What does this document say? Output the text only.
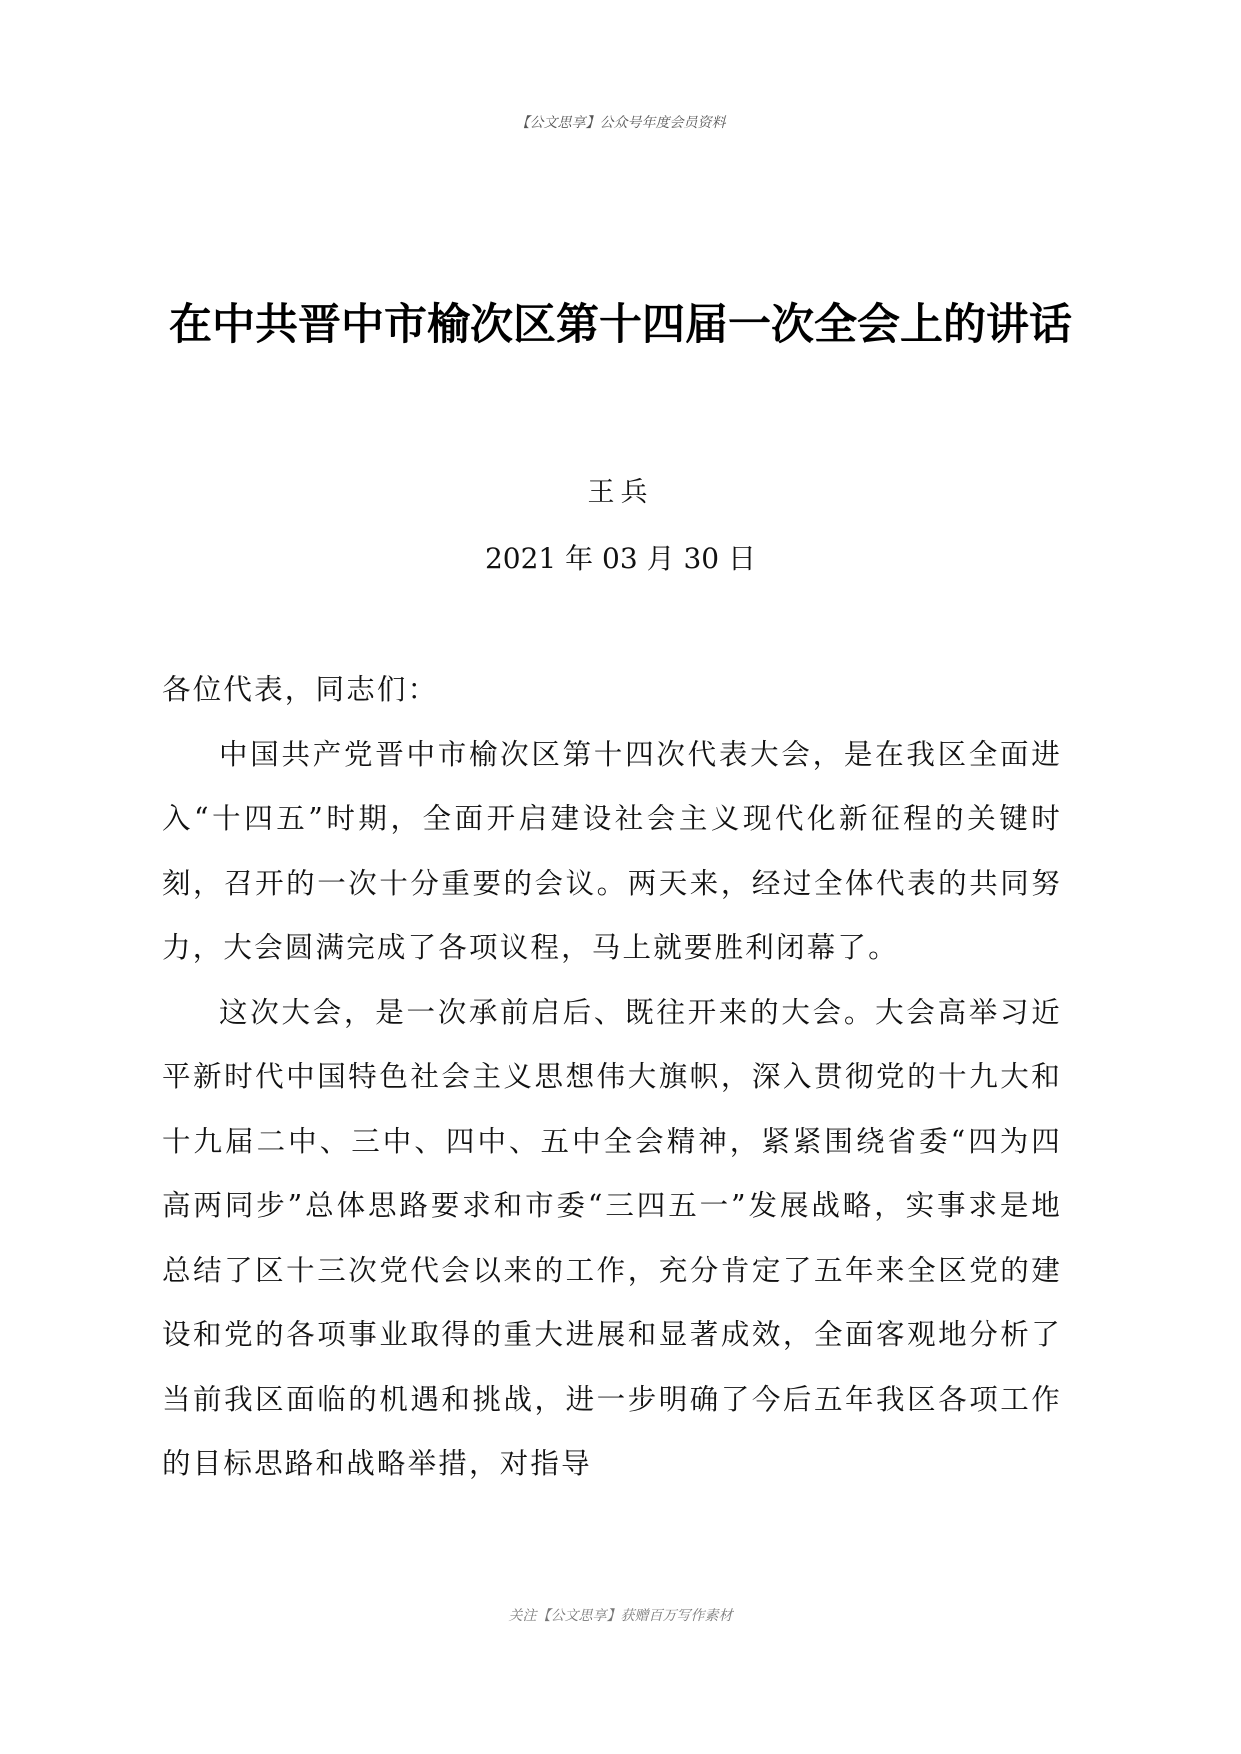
【公文思享】公众号年度会员资料
在中共晋中市榆次区第十四届一次全会上的讲话
王兵
2021 年 03 月 30 日

各位代表，同志们：

中国共产党晋中市榆次区第十四次代表大会，是在我区全面进入“十四五”时期，全面开启建设社会主义现代化新征程的关键时刻，召开的一次十分重要的会议。两天来，经过全体代表的共同努力，大会圆满完成了各项议程，马上就要胜利闭幕了。

这次大会，是一次承前启后、既往开来的大会。大会高举习近平新时代中国特色社会主义思想伟大旗帜，深入贯彻党的十九大和十九届二中、三中、四中、五中全会精神，紧紧围绕省委“四为四高两同步”总体思路要求和市委“三四五一”发展战略，实事求是地总结了区十三次党代会以来的工作，充分肯定了五年来全区党的建设和党的各项事业取得的重大进展和显著成效，全面客观地分析了当前我区面临的机遇和挑战，进一步明确了今后五年我区各项工作的目标思路和战略举措，对指导

关注【公文思享】获赠百万写作素材
